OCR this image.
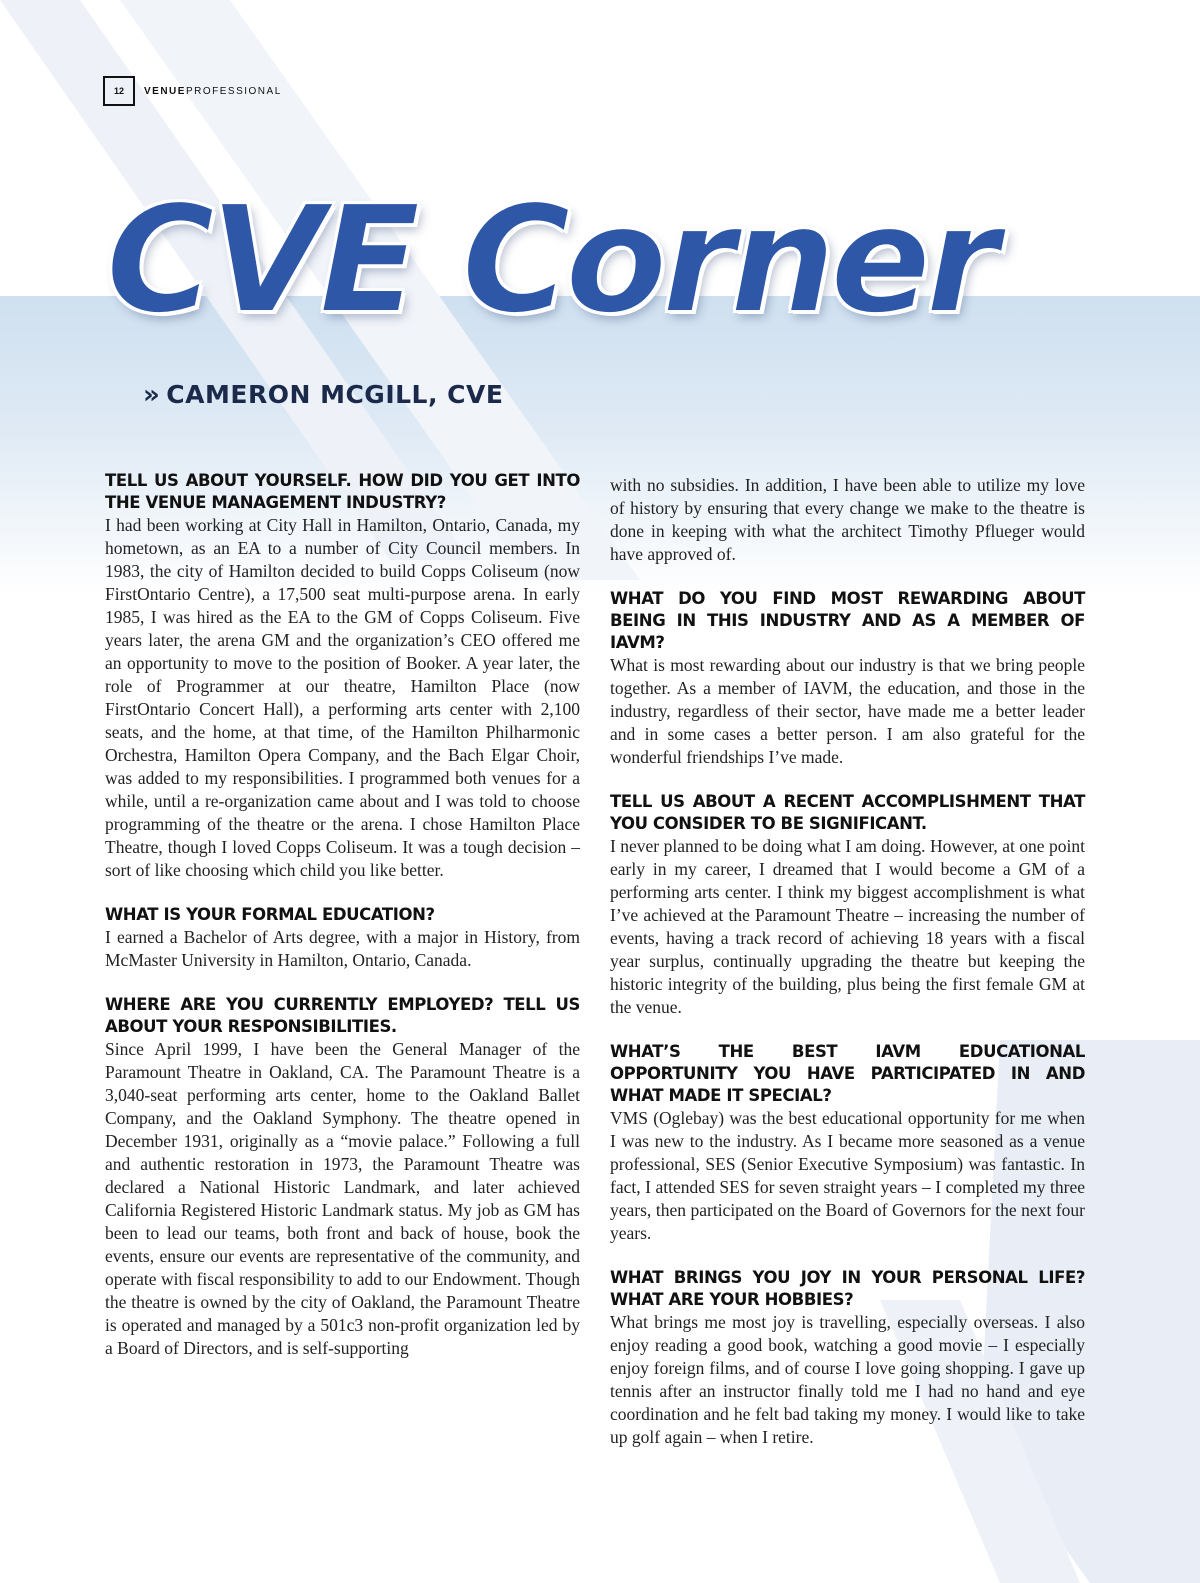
12	VENUEPROFESSIONAL
CVE Corner
» CAMERON MCGILL, CVE

TELL US ABOUT YOURSELF. HOW DID YOU GET INTO THE VENUE MANAGEMENT INDUSTRY?

I had been working at City Hall in Hamilton, Ontario, Canada, my hometown, as an EA to a number of City Council members. In 1983, the city of Hamilton decided to build Copps Coliseum (now FirstOntario Centre), a 17,500 seat multi-purpose arena. In early 1985, I was hired as the EA to the GM of Copps Coliseum. Five years later, the arena GM and the organization’s CEO offered me an opportunity to move to the position of Booker. A year later, the role of Programmer at our theatre, Hamilton Place (now FirstOntario Concert Hall), a performing arts center with 2,100 seats, and the home, at that time, of the Hamilton Philharmonic Orchestra, Hamilton Opera Company, and the Bach Elgar Choir, was added to my responsibilities. I programmed both venues for a while, until a re-organization came about and I was told to choose programming of the theatre or the arena. I chose Hamilton Place Theatre, though I loved Copps Coliseum. It was a tough decision – sort of like choosing which child you like better.

WHAT IS YOUR FORMAL EDUCATION?

I earned a Bachelor of Arts degree, with a major in History, from McMaster University in Hamilton, Ontario, Canada.

WHERE ARE YOU CURRENTLY EMPLOYED? TELL US ABOUT YOUR RESPONSIBILITIES.

Since April 1999, I have been the General Manager of the Paramount Theatre in Oakland, CA. The Paramount Theatre is a 3,040-seat performing arts center, home to the Oakland Ballet Company, and the Oakland Symphony. The theatre opened in December 1931, originally as a “movie palace.” Following a full and authentic restoration in 1973, the Paramount Theatre was declared a National Historic Landmark, and later achieved California Registered Historic Landmark status. My job as GM has been to lead our teams, both front and back of house, book the events, ensure our events are representative of the community, and operate with fiscal responsibility to add to our Endowment. Though the theatre is owned by the city of Oakland, the Paramount Theatre is operated and managed by a 501c3 non-profit organization led by a Board of Directors, and is self-supporting

with no subsidies. In addition, I have been able to utilize my love of history by ensuring that every change we make to the theatre is done in keeping with what the architect Timothy Pflueger would have approved of.

WHAT DO YOU FIND MOST REWARDING ABOUT BEING IN THIS INDUSTRY AND AS A MEMBER OF IAVM?

What is most rewarding about our industry is that we bring people together. As a member of IAVM, the education, and those in the industry, regardless of their sector, have made me a better leader and in some cases a better person. I am also grateful for the wonderful friendships I’ve made.

TELL US ABOUT A RECENT ACCOMPLISHMENT THAT YOU CONSIDER TO BE SIGNIFICANT.

I never planned to be doing what I am doing. However, at one point early in my career, I dreamed that I would become a GM of a performing arts center. I think my biggest accomplishment is what I’ve achieved at the Paramount Theatre – increasing the number of events, having a track record of achieving 18 years with a fiscal year surplus, continually upgrading the theatre but keeping the historic integrity of the building, plus being the first female GM at the venue.

WHAT’S THE BEST IAVM EDUCATIONAL OPPORTUNITY YOU HAVE PARTICIPATED IN AND WHAT MADE IT SPECIAL?

VMS (Oglebay) was the best educational opportunity for me when I was new to the industry. As I became more seasoned as a venue professional, SES (Senior Executive Symposium) was fantastic. In fact, I attended SES for seven straight years – I completed my three years, then participated on the Board of Governors for the next four years.

WHAT BRINGS YOU JOY IN YOUR PERSONAL LIFE? WHAT ARE YOUR HOBBIES?

What brings me most joy is travelling, especially overseas. I also enjoy reading a good book, watching a good movie – I especially enjoy foreign films, and of course I love going shopping. I gave up tennis after an instructor finally told me I had no hand and eye coordination and he felt bad taking my money. I would like to take up golf again – when I retire.
